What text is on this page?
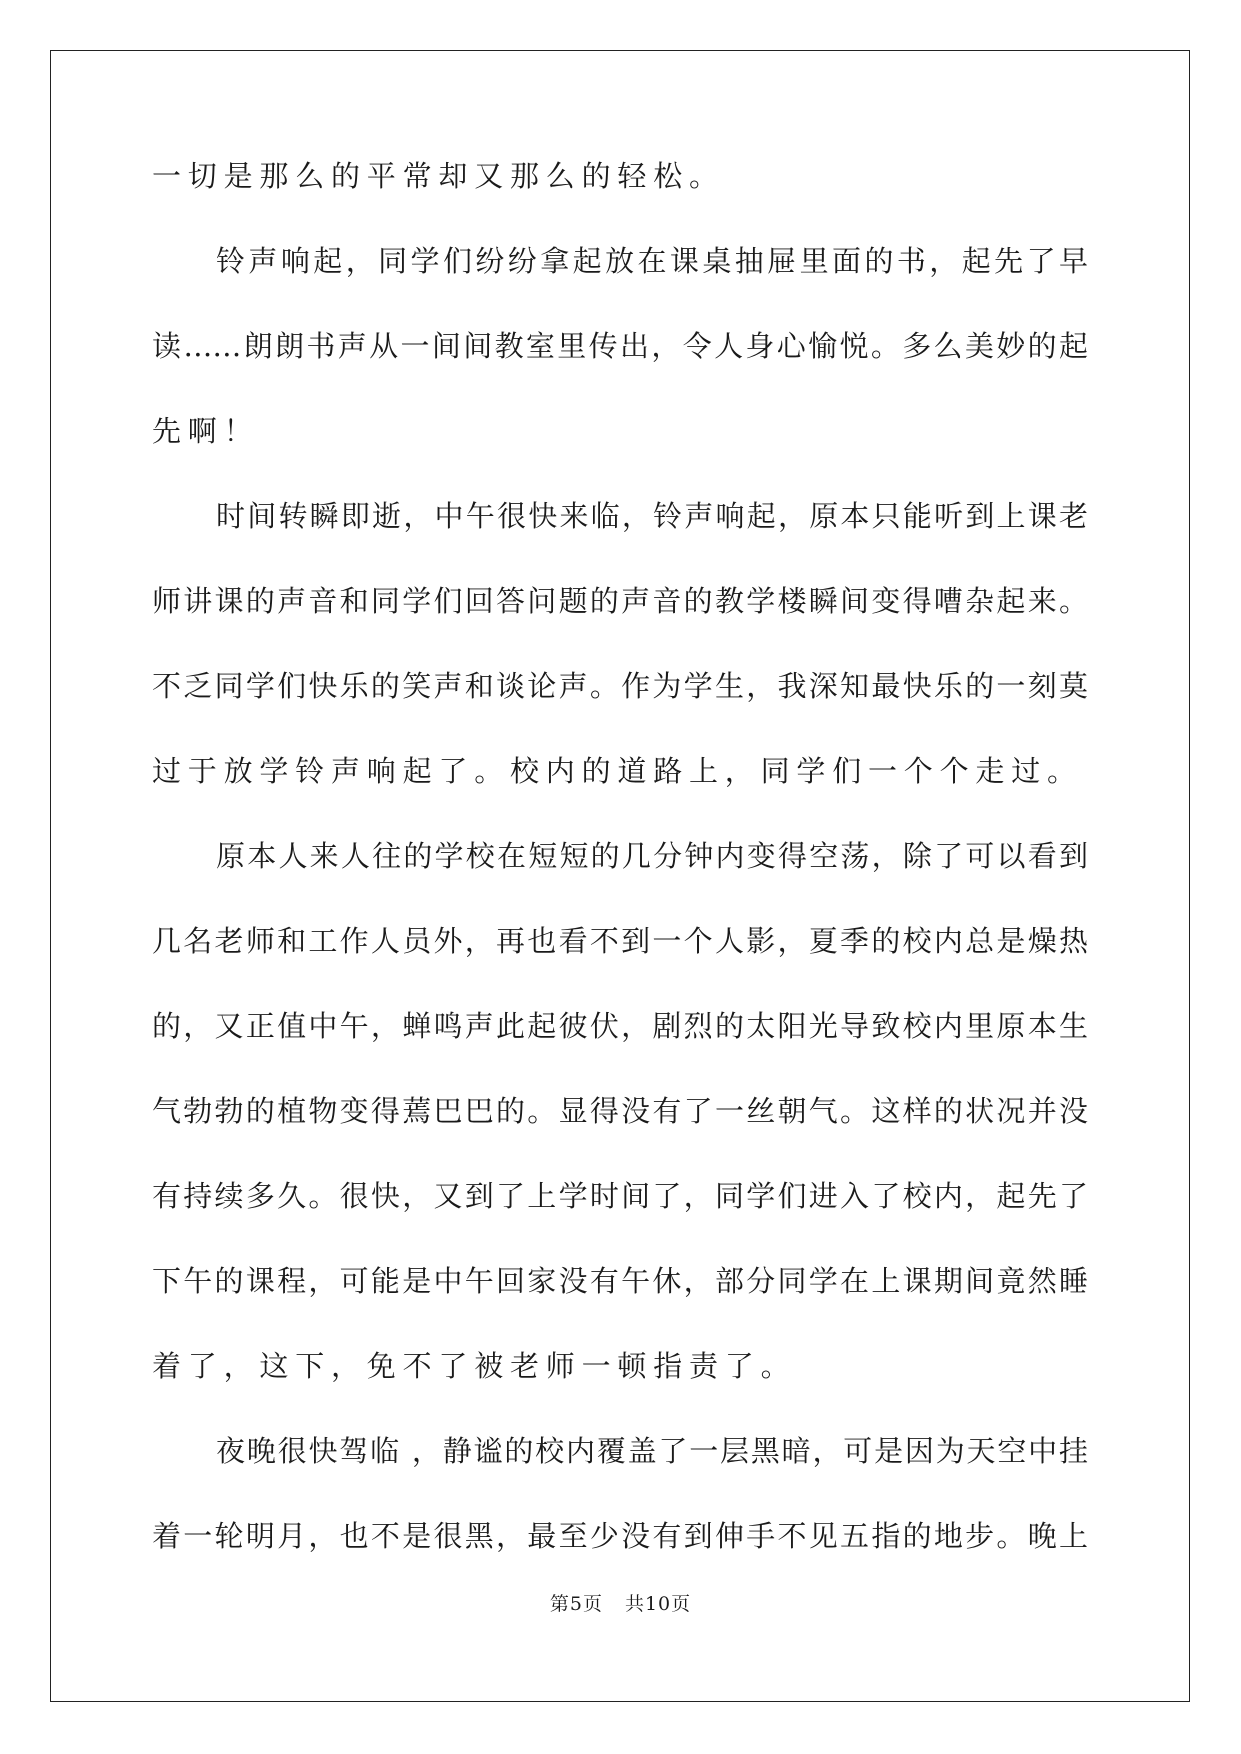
一切是那么的平常却又那么的轻松。
铃声响起，同学们纷纷拿起放在课桌抽屉里面的书，起先了早
读……朗朗书声从一间间教室里传出，令人身心愉悦。多么美妙的起
先啊！
时间转瞬即逝，中午很快来临，铃声响起，原本只能听到上课老
师讲课的声音和同学们回答问题的声音的教学楼瞬间变得嘈杂起来。
不乏同学们快乐的笑声和谈论声。作为学生，我深知最快乐的一刻莫
过于放学铃声响起了。校内的道路上，同学们一个个走过。
原本人来人往的学校在短短的几分钟内变得空荡，除了可以看到
几名老师和工作人员外，再也看不到一个人影，夏季的校内总是燥热
的，又正值中午，蝉鸣声此起彼伏，剧烈的太阳光导致校内里原本生
气勃勃的植物变得蔫巴巴的。显得没有了一丝朝气。这样的状况并没
有持续多久。很快，又到了上学时间了，同学们进入了校内，起先了
下午的课程，可能是中午回家没有午休，部分同学在上课期间竟然睡
着了，这下，免不了被老师一顿指责了。
夜晚很快驾临 ，静谧的校内覆盖了一层黑暗，可是因为天空中挂
着一轮明月，也不是很黑，最至少没有到伸手不见五指的地步。晚上
第5页 共10页
